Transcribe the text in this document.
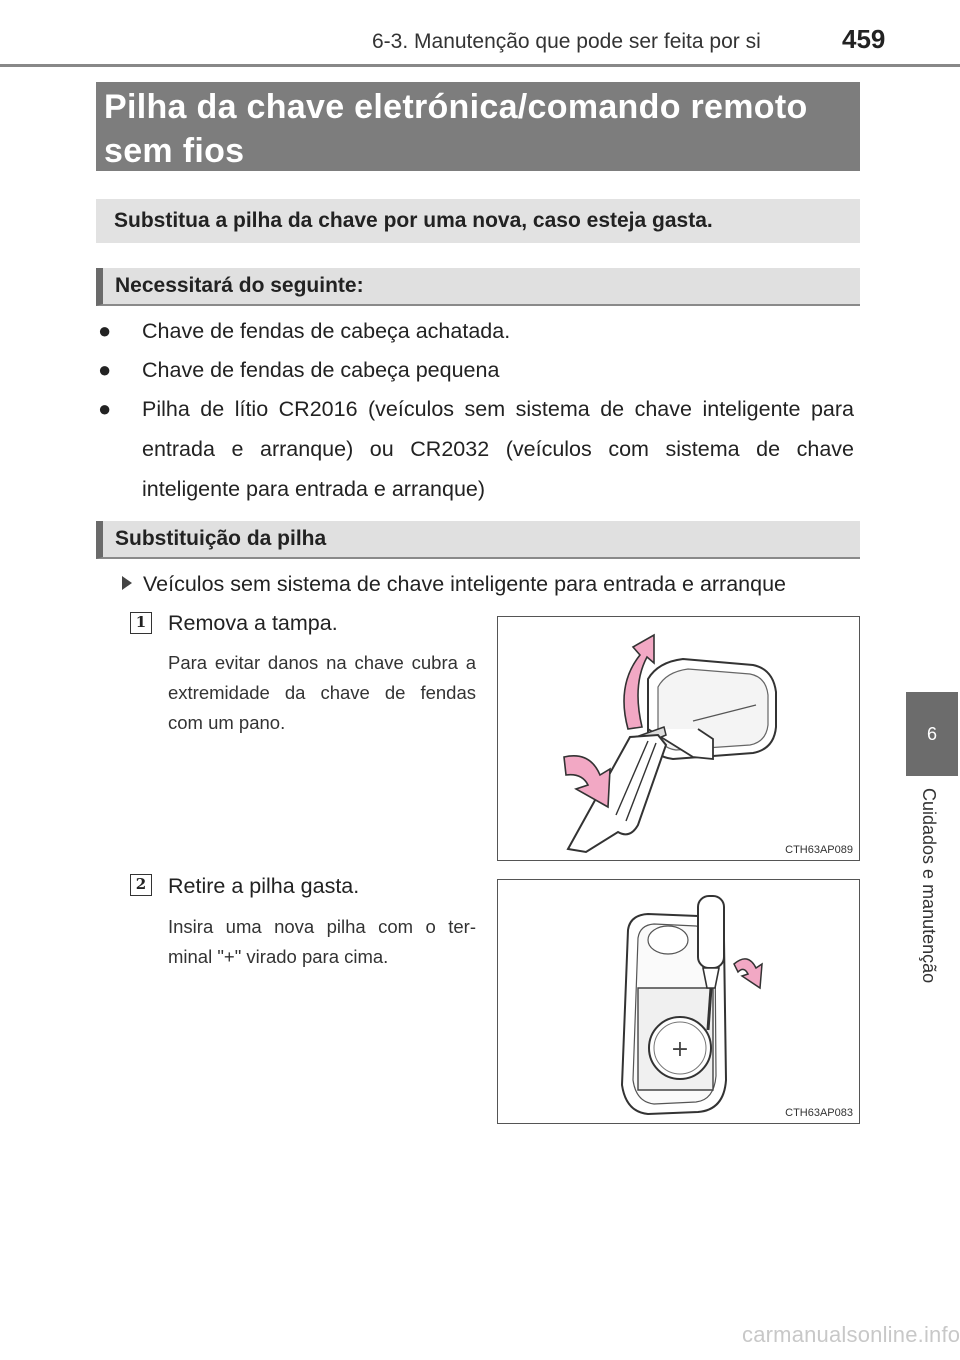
6-3. Manutenção que pode ser feita por si	459
Pilha da chave eletrónica/comando remoto sem fios
Substitua a pilha da chave por uma nova, caso esteja gasta.
Necessitará do seguinte:
● Chave de fendas de cabeça achatada.
● Chave de fendas de cabeça pequena
● Pilha de lítio CR2016 (veículos sem sistema de chave inteligente para entrada e arranque) ou CR2032 (veículos com sistema de chave inteligente para entrada e arranque)
Substituição da pilha
Veículos sem sistema de chave inteligente para entrada e arranque
1 Remova a tampa.
Para evitar danos na chave cubra a extremidade da chave de fendas com um pano.
CTH63AP089
2 Retire a pilha gasta.
Insira uma nova pilha com o ter-minal "+" virado para cima.
+
CTH63AP083
6
Cuidados e manutenção
carmanualsonline.info
